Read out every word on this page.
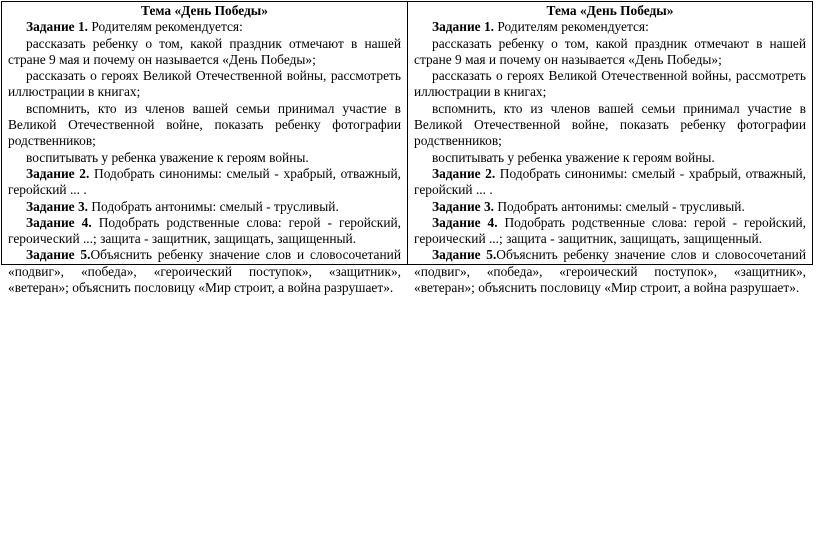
Тема «День Победы»

Задание 1. Родителям рекомендуется:

рассказать ребенку о том, какой праздник отмечают в нашей стране 9 мая и почему он называется «День Победы»;

рассказать о героях Великой Отечественной войны, рассмотреть иллюстрации в книгах;

вспомнить, кто из членов вашей семьи принимал участие в Великой Отечественной войне, показать ребенку фотографии родственников;

воспитывать у ребенка уважение к героям войны.

Задание 2. Подобрать синонимы: смелый - храбрый, отважный, геройский ... .

Задание 3. Подобрать антонимы: смелый - трусливый.

Задание 4. Подобрать родственные слова: герой - геройский, героический ...; защита - защитник, защищать, защищенный.

Задание 5.Объяснить ребенку значение слов и словосочетаний «подвиг», «победа», «героический поступок», «защитник», «ветеран»; объяснить пословицу «Мир строит, а война разрушает».

Тема «День Победы»

Задание 1. Родителям рекомендуется:

рассказать ребенку о том, какой праздник отмечают в нашей стране 9 мая и почему он называется «День Победы»;

рассказать о героях Великой Отечественной войны, рассмотреть иллюстрации в книгах;

вспомнить, кто из членов вашей семьи принимал участие в Великой Отечественной войне, показать ребенку фотографии родственников;

воспитывать у ребенка уважение к героям войны.

Задание 2. Подобрать синонимы: смелый - храбрый, отважный, геройский ... .

Задание 3. Подобрать антонимы: смелый - трусливый.

Задание 4. Подобрать родственные слова: герой - геройский, героический ...; защита - защитник, защищать, защищенный.

Задание 5.Объяснить ребенку значение слов и словосочетаний «подвиг», «победа», «героический поступок», «защитник», «ветеран»; объяснить пословицу «Мир строит, а война разрушает».
